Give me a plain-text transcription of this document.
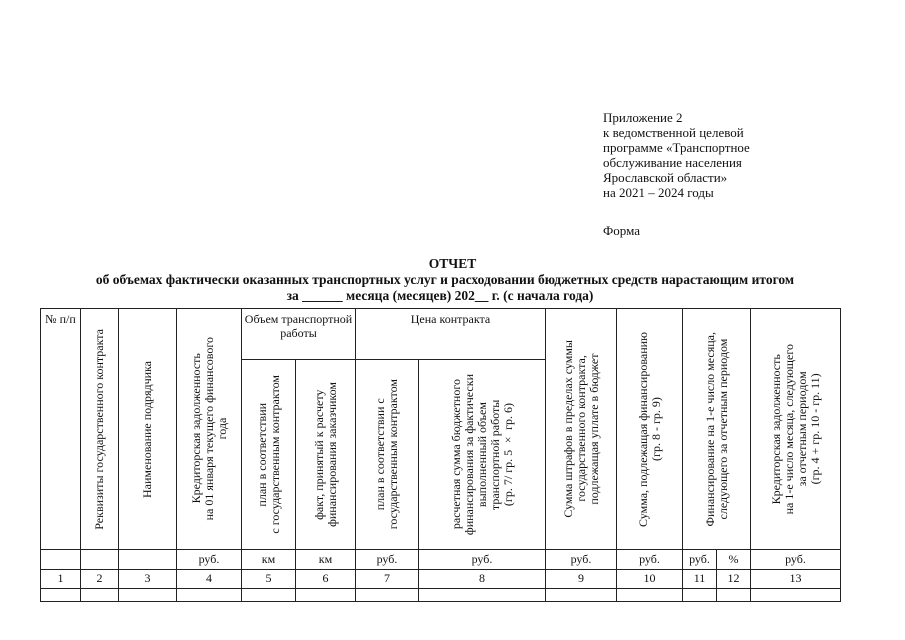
Приложение 2
к ведомственной целевой
программе «Транспортное
обслуживание населения
Ярославской области»
на 2021 – 2024 годы
Форма
ОТЧЕТ
об объемах фактически оказанных транспортных услуг и расходовании бюджетных средств нарастающим итогом
за ______ месяца (месяцев) 202__ г. (с начала года)
№ п/п	Реквизиты государственного контракта	Наименование подрядчика	Кредиторская задолженность
на 01 января текущего финансового
года	Объем транспортной работы		Цена контракта		Сумма штрафов в пределах суммы
государственного контракта,
подлежащая уплате в бюджет	Сумма, подлежащая финансированию
(гр. 8 - гр. 9)	Финансирование на 1-е число месяца,
следующего за отчетным периодом		Кредиторская задолженность
на 1-е число месяца, следующего
за отчетным периодом
(гр. 4 + гр. 10 - гр. 11)

				план в соответствии
с государственным контрактом	факт, принятый к расчету
финансирования заказчиком	план в соответствии с
государственным контрактом	расчетная сумма бюджетного
финансирования за фактически
выполненный объем
транспортной работы
(гр. 7/ гр. 5 × гр. 6)					

			руб.	км	км	руб.	руб.	руб.	руб.	руб.	%	руб.
1	2	3	4	5	6	7	8	9	10	11	12	13
